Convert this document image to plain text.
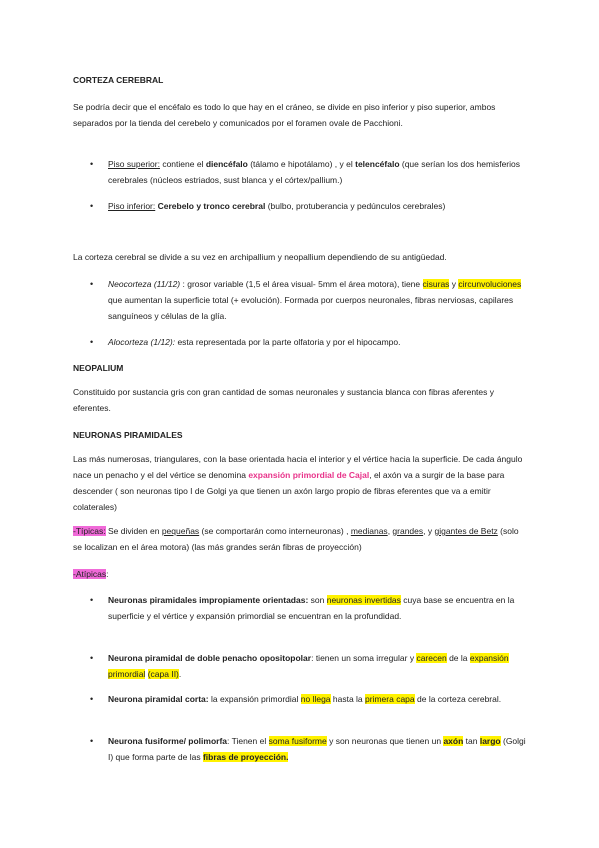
CORTEZA CEREBRAL

Se podría decir que el encéfalo es todo lo que hay en el cráneo, se divide en piso inferior y piso superior, ambos separados por la tienda del cerebelo y comunicados por el foramen ovale de Pacchioni.

• Piso superior: contiene el diencéfalo (tálamo e hipotálamo) , y el telencéfalo (que serían los dos hemisferios cerebrales (núcleos estriados, sust blanca y el córtex/pallium.)

• Piso inferior: Cerebelo y tronco cerebral (bulbo, protuberancia y pedúnculos cerebrales)

La corteza cerebral se divide a su vez en archipallium y neopallium dependiendo de su antigüedad.

• Neocorteza (11/12) : grosor variable (1,5 el área visual- 5mm el área motora), tiene cisuras y circunvoluciones que aumentan la superficie total (+ evolución). Formada por cuerpos neuronales, fibras nerviosas, capilares sanguíneos y células de la glía.

• Alocorteza (1/12): esta representada por la parte olfatoria y por el hipocampo.

NEOPALIUM

Constituido por sustancia gris con gran cantidad de somas neuronales y sustancia blanca con fibras aferentes y eferentes.

NEURONAS PIRAMIDALES

Las más numerosas, triangulares, con la base orientada hacia el interior y el vértice hacia la superficie. De cada ángulo nace un penacho y el del vértice se denomina expansión primordial de Cajal, el axón va a surgir de la base para descender ( son neuronas tipo I de Golgi ya que tienen un axón largo propio de fibras eferentes que va a emitir colaterales)

-Típicas: Se dividen en pequeñas (se comportarán como interneuronas) , medianas, grandes, y gigantes de Betz (solo se localizan en el área motora) (las más grandes serán fibras de proyección)

-Atípicas:

• Neuronas piramidales impropiamente orientadas: son neuronas invertidas cuya base se encuentra en la superficie y el vértice y expansión primordial se encuentran en la profundidad.

• Neurona piramidal de doble penacho opositopolar: tienen un soma irregular y carecen de la expansión primordial (capa II).

• Neurona piramidal corta: la expansión primordial no llega hasta la primera capa de la corteza cerebral.

• Neurona fusiforme/ polimorfa: Tienen el soma fusiforme y son neuronas que tienen un axón tan largo (Golgi I) que forma parte de las fibras de proyección.
